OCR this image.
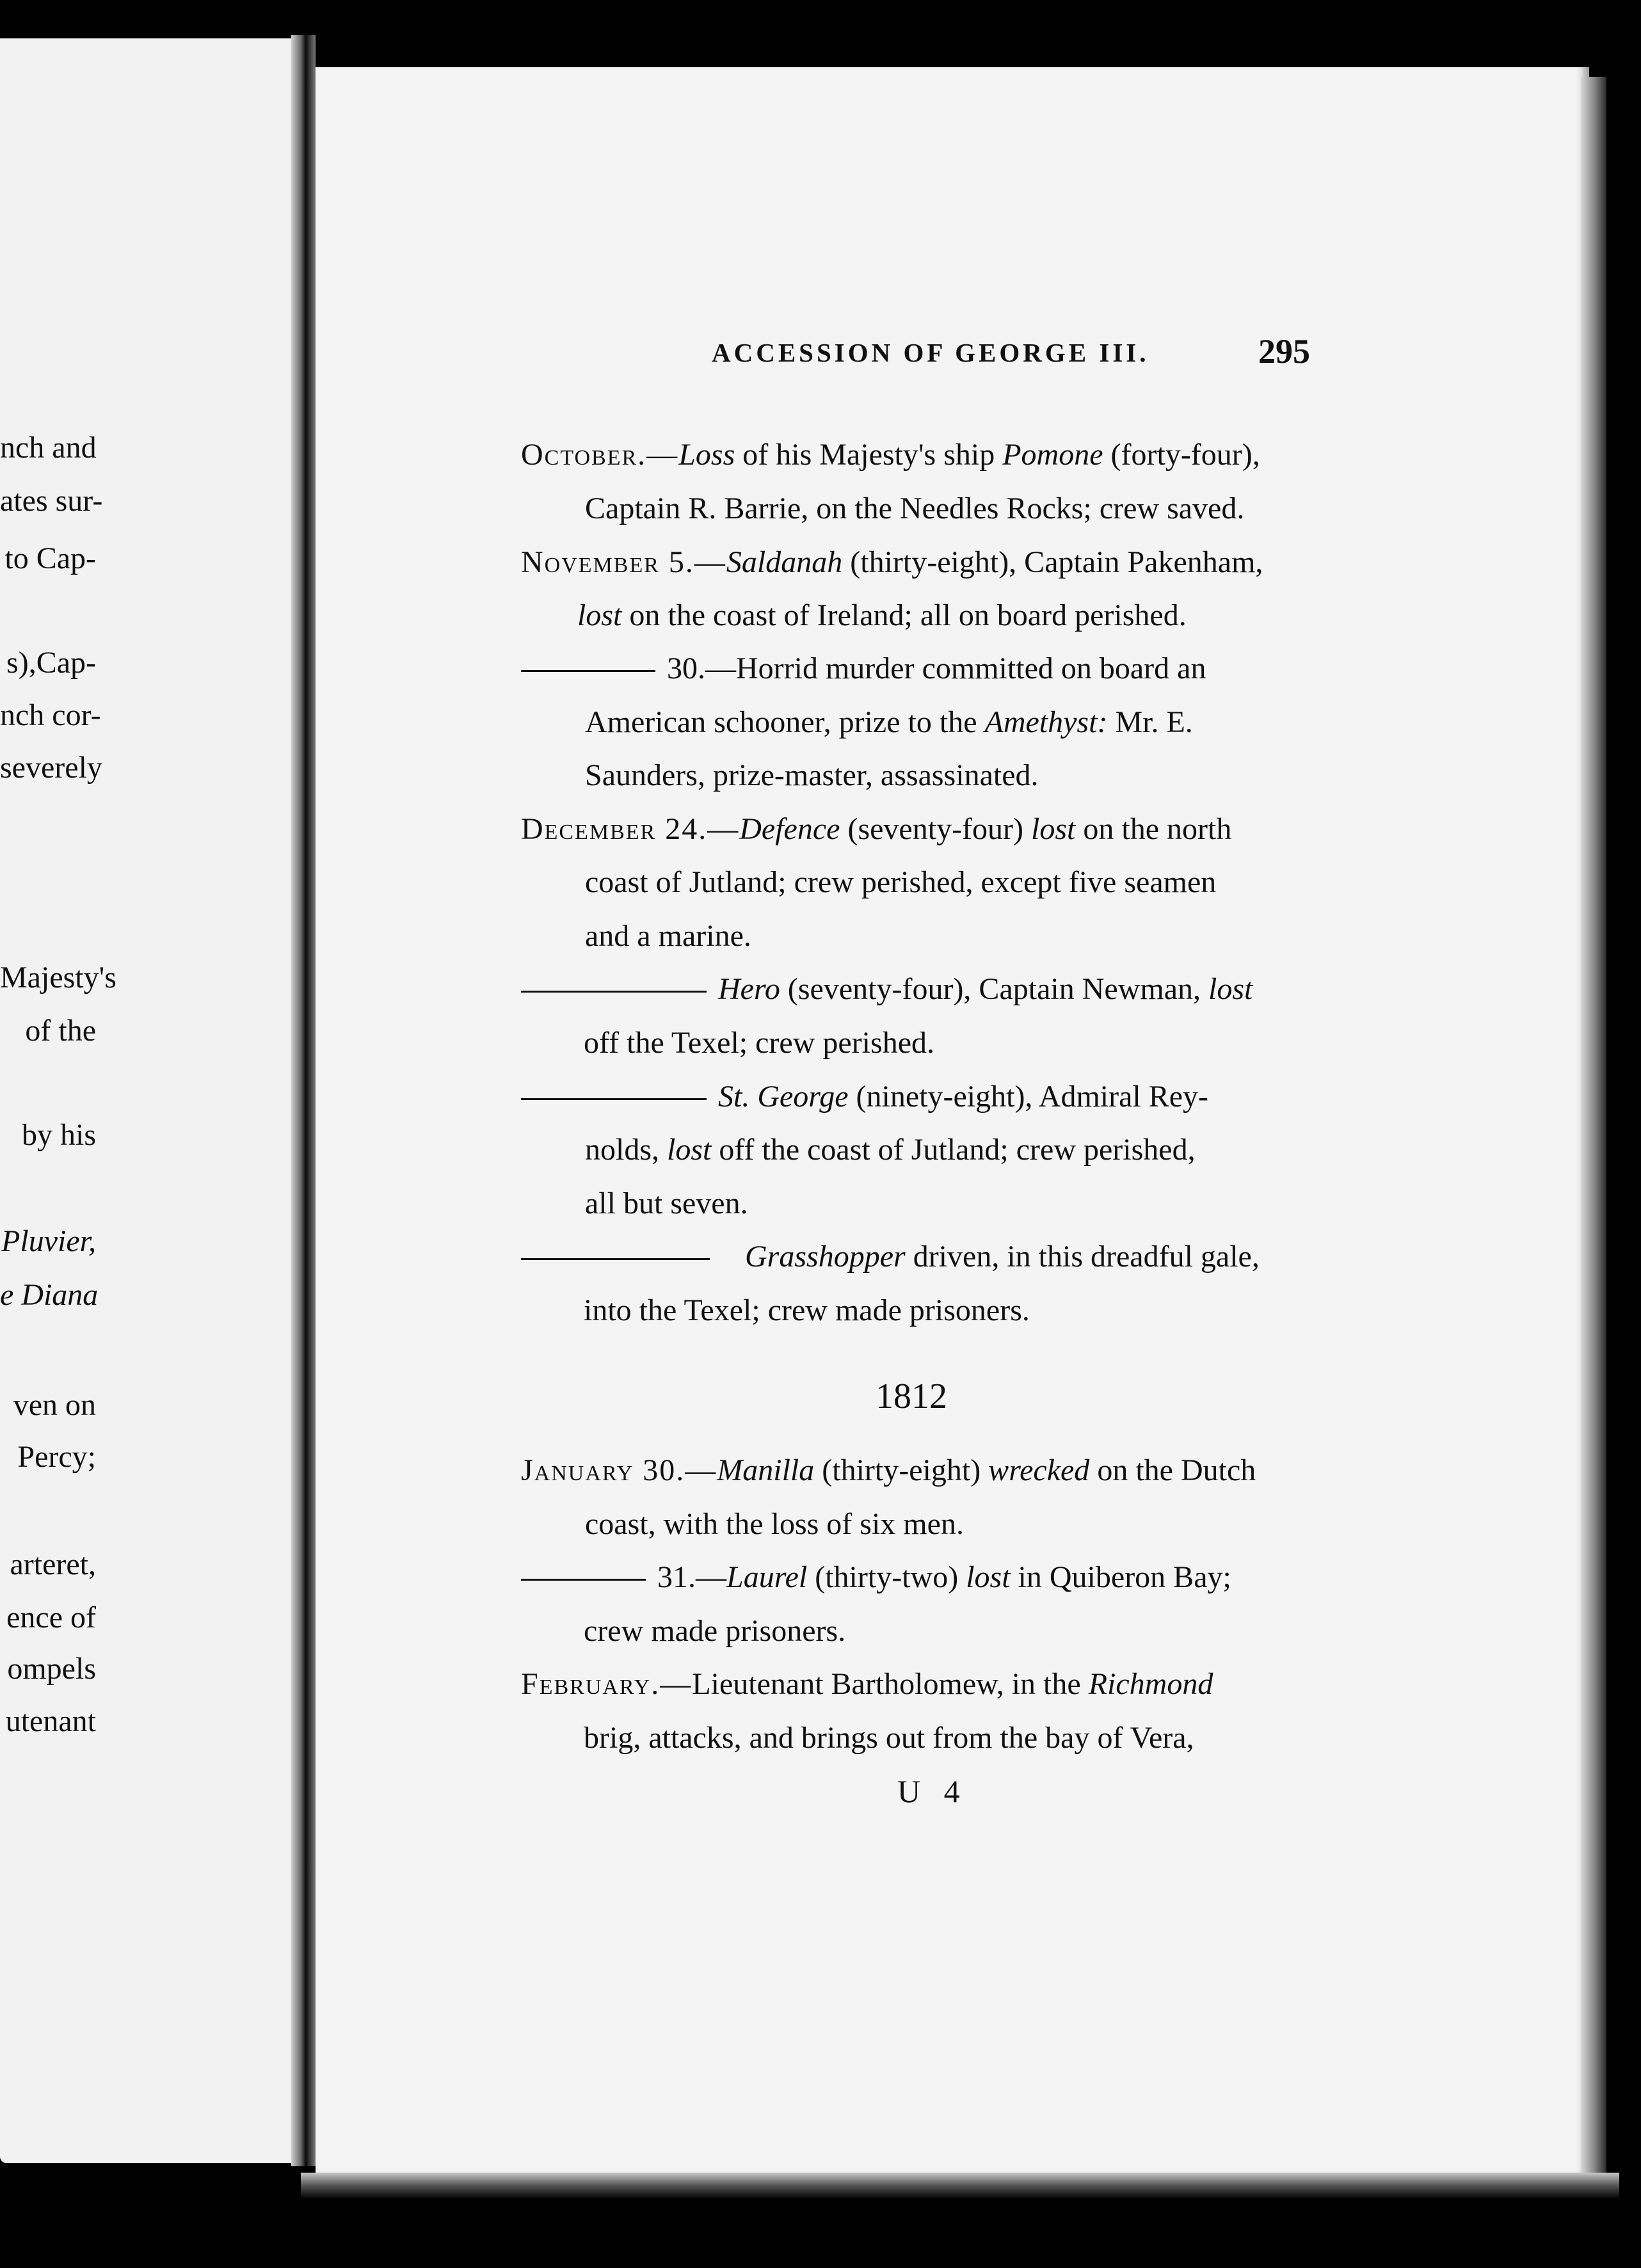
nch and
ates sur-
to Cap-
s),Cap-
nch cor-
severely
Majesty's
of the
by his
Pluvier,
e Diana
ven on
Percy;
arteret,
ence of
ompels
utenant
ACCESSION OF GEORGE III.	295
October.—Loss of his Majesty's ship Pomone (forty-four),
Captain R. Barrie, on the Needles Rocks; crew saved.
November 5.—Saldanah (thirty-eight), Captain Pakenham,
lost on the coast of Ireland; all on board perished.
30.—Horrid murder committed on board an
American schooner, prize to the Amethyst: Mr. E.
Saunders, prize-master, assassinated.
December 24.—Defence (seventy-four) lost on the north
coast of Jutland; crew perished, except five seamen
and a marine.
Hero (seventy-four), Captain Newman, lost
off the Texel; crew perished.
St. George (ninety-eight), Admiral Rey-
nolds, lost off the coast of Jutland; crew perished,
all but seven.
Grasshopper driven, in this dreadful gale,
into the Texel; crew made prisoners.
1812
January 30.—Manilla (thirty-eight) wrecked on the Dutch
coast, with the loss of six men.
31.—Laurel (thirty-two) lost in Quiberon Bay;
crew made prisoners.
February.—Lieutenant Bartholomew, in the Richmond
brig, attacks, and brings out from the bay of Vera,
U 4
